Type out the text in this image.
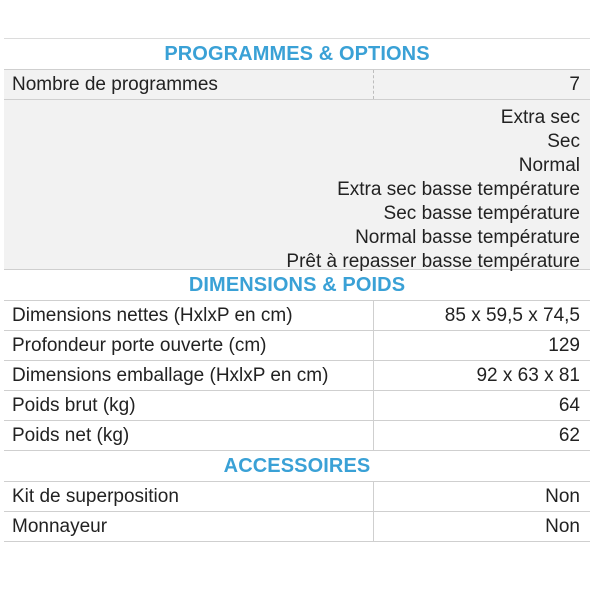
PROGRAMMES & OPTIONS
Nombre de programmes	7
Extra sec
Sec
Normal
Extra sec basse température
Sec basse température
Normal basse température
Prêt à repasser basse température
DIMENSIONS & POIDS
Dimensions nettes (HxlxP en cm)	85 x 59,5 x 74,5
Profondeur porte ouverte (cm)	129
Dimensions emballage (HxlxP en cm)	92 x 63 x 81
Poids brut (kg)	64
Poids net (kg)	62
ACCESSOIRES
Kit de superposition	Non
Monnayeur	Non
